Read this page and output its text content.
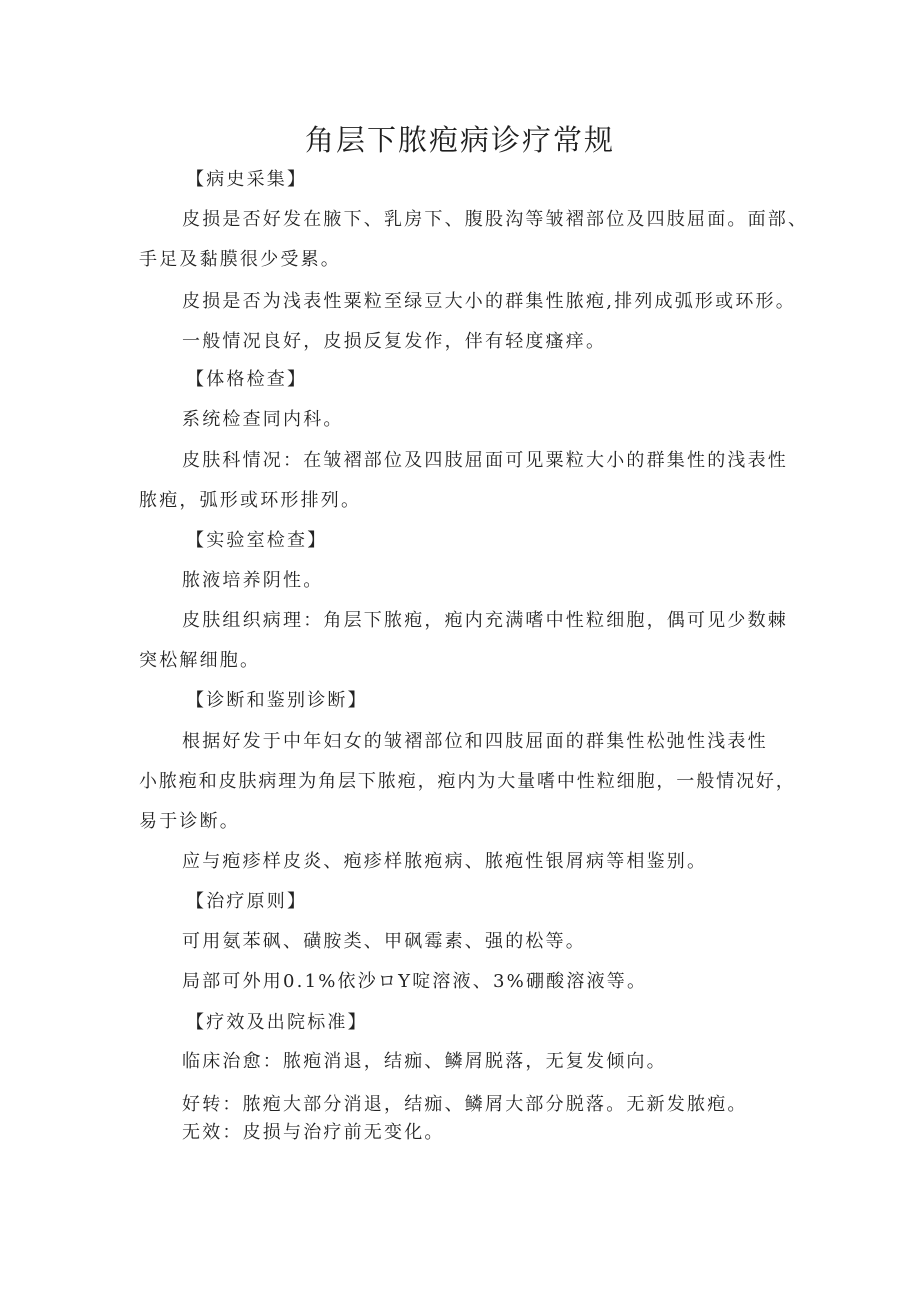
角层下脓疱病诊疗常规
【病史采集】
皮损是否好发在腋下、乳房下、腹股沟等皱褶部位及四肢屈面。面部、
手足及黏膜很少受累。
皮损是否为浅表性粟粒至绿豆大小的群集性脓疱,排列成弧形或环形。
一般情况良好，皮损反复发作，伴有轻度瘙痒。
【体格检查】
系统检查同内科。
皮肤科情况：在皱褶部位及四肢屈面可见粟粒大小的群集性的浅表性
脓疱，弧形或环形排列。
【实验室检查】
脓液培养阴性。
皮肤组织病理：角层下脓疱，疱内充满嗜中性粒细胞，偶可见少数棘
突松解细胞。
【诊断和鉴别诊断】
根据好发于中年妇女的皱褶部位和四肢屈面的群集性松弛性浅表性
小脓疱和皮肤病理为角层下脓疱，疱内为大量嗜中性粒细胞，一般情况好，
易于诊断。
应与疱疹样皮炎、疱疹样脓疱病、脓疱性银屑病等相鉴别。
【治疗原则】
可用氨苯砜、磺胺类、甲砜霉素、强的松等。
局部可外用0.1%依沙ロY啶溶液、3%硼酸溶液等。
【疗效及出院标准】
临床治愈：脓疱消退，结痂、鳞屑脱落，无复发倾向。
好转：脓疱大部分消退，结痂、鳞屑大部分脱落。无新发脓疱。
无效：皮损与治疗前无变化。
